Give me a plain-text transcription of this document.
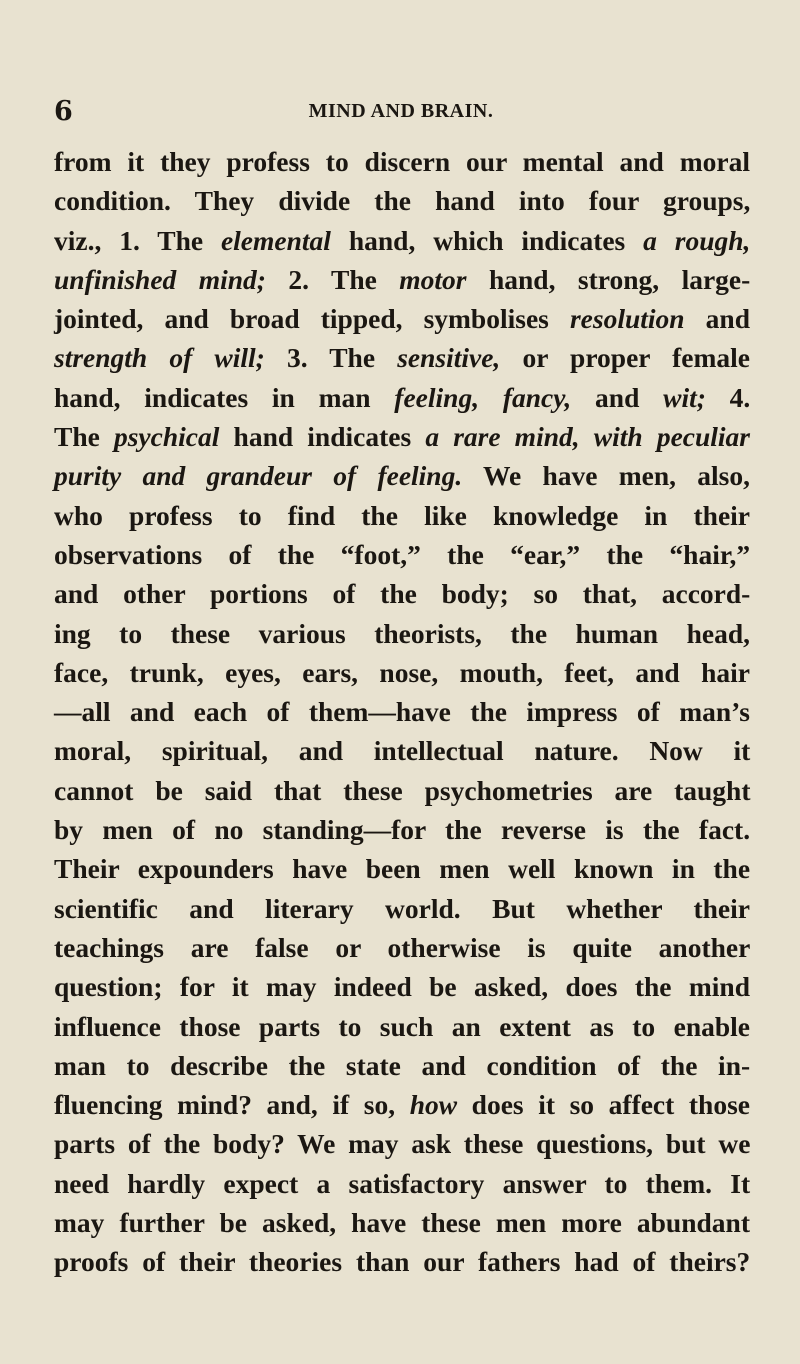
6	MIND AND BRAIN.
from it they profess to discern our mental and moral
condition. They divide the hand into four groups,
viz., 1. The elemental hand, which indicates a rough,
unfinished mind; 2. The motor hand, strong, large-
jointed, and broad tipped, symbolises resolution and
strength of will; 3. The sensitive, or proper female
hand, indicates in man feeling, fancy, and wit; 4.
The psychical hand indicates a rare mind, with peculiar
purity and grandeur of feeling. We have men, also,
who profess to find the like knowledge in their
observations of the “foot,” the “ear,” the “hair,”
and other portions of the body; so that, accord-
ing to these various theorists, the human head,
face, trunk, eyes, ears, nose, mouth, feet, and hair
—all and each of them—have the impress of man’s
moral, spiritual, and intellectual nature. Now it
cannot be said that these psychometries are taught
by men of no standing—for the reverse is the fact.
Their expounders have been men well known in the
scientific and literary world. But whether their
teachings are false or otherwise is quite another
question; for it may indeed be asked, does the mind
influence those parts to such an extent as to enable
man to describe the state and condition of the in-
fluencing mind? and, if so, how does it so affect those
parts of the body? We may ask these questions, but we
need hardly expect a satisfactory answer to them. It
may further be asked, have these men more abundant
proofs of their theories than our fathers had of theirs?
